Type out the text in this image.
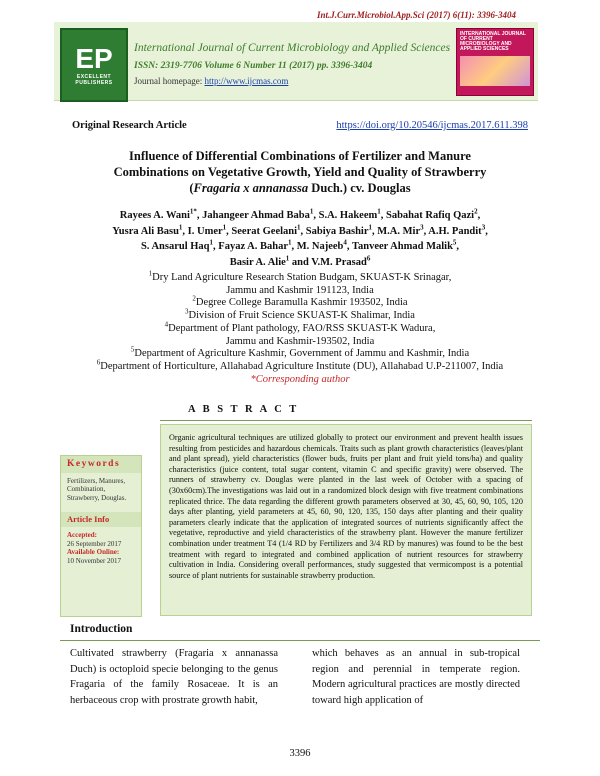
Int.J.Curr.Microbiol.App.Sci (2017) 6(11): 3396-3404
EP
EXCELLENT PUBLISHERS
International Journal of Current Microbiology and Applied Sciences
ISSN: 2319-7706 Volume 6 Number 11 (2017) pp. 3396-3404
Journal homepage: http://www.ijcmas.com
INTERNATIONAL JOURNAL OF CURRENT MICROBIOLOGY AND APPLIED SCIENCES
Original Research Article	https://doi.org/10.20546/ijcmas.2017.611.398
Influence of Differential Combinations of Fertilizer and Manure
Combinations on Vegetative Growth, Yield and Quality of Strawberry
(Fragaria x annanassa Duch.) cv. Douglas
Rayees A. Wani$^{1*}$, Jahangeer Ahmad Baba$^1$, S.A. Hakeem$^1$, Sabahat Rafiq Qazi$^2$,
Yusra Ali Basu$^1$, I. Umer$^1$, Seerat Geelani$^1$, Sabiya Bashir$^1$, M.A. Mir$^3$, A.H. Pandit$^3$,
S. Ansarul Haq$^1$, Fayaz A. Bahar$^1$, M. Najeeb$^4$, Tanveer Ahmad Malik$^5$,
Basir A. Alie$^1$ and V.M. Prasad$^6$
$^1$Dry Land Agriculture Research Station Budgam, SKUAST-K Srinagar,
Jammu and Kashmir 191123, India
$^2$Degree College Baramulla Kashmir 193502, India
$^3$Division of Fruit Science SKUAST-K Shalimar, India
$^4$Department of Plant pathology, FAO/RSS SKUAST-K Wadura,
Jammu and Kashmir-193502, India
$^5$Department of Agriculture Kashmir, Government of Jammu and Kashmir, India
$^6$Department of Horticulture, Allahabad Agriculture Institute (DU), Allahabad U.P-211007, India
*Corresponding author
A B S T R A C T
Organic agricultural techniques are utilized globally to protect our environment and prevent health issues resulting from pesticides and hazardous chemicals. Traits such as plant growth characteristics (leaves/plant and plant spread), yield characteristics (flower buds, fruits per plant and fruit yield tons/ha) and quality characteristics (juice content, total sugar content, vitamin C and specific gravity) were observed. The runners of strawberry cv. Douglas were planted in the last week of October with a spacing of (30x60cm).The investigations was laid out in a randomized block design with five treatment combinations replicated thrice. The data regarding the different growth parameters observed at 30, 45, 60, 90, 105, 120 days after planting, yield parameters at 45, 60, 90, 120, 135, 150 days after planting and their quality parameters clearly indicate that the application of integrated sources of nutrients significantly affect the vegetative, reproductive and yield characteristics of the strawberry plant. However the manure fertilizer combination under treatment T4 (1/4 RD by Fertilizers and 3/4 RD by manures) was found to be the best treatment with regard to integrated and combined application of nutrient resources for strawberry cultivation in India. Considering overall performances, study suggested that vermicompost is a potential source of plant nutrients for sustainable strawberry production.
Keywords
Fertilizers, Manures, Combination, Strawberry, Douglas.
Article Info
Accepted:
26 September 2017
Available Online:
10 November 2017
Introduction
Cultivated strawberry (Fragaria x annanassa Duch) is octoploid specie belonging to the genus Fragaria of the family Rosaceae. It is an herbaceous crop with prostrate growth habit,
which behaves as an annual in sub-tropical region and perennial in temperate region. Modern agricultural practices are mostly directed toward high application of
3396
